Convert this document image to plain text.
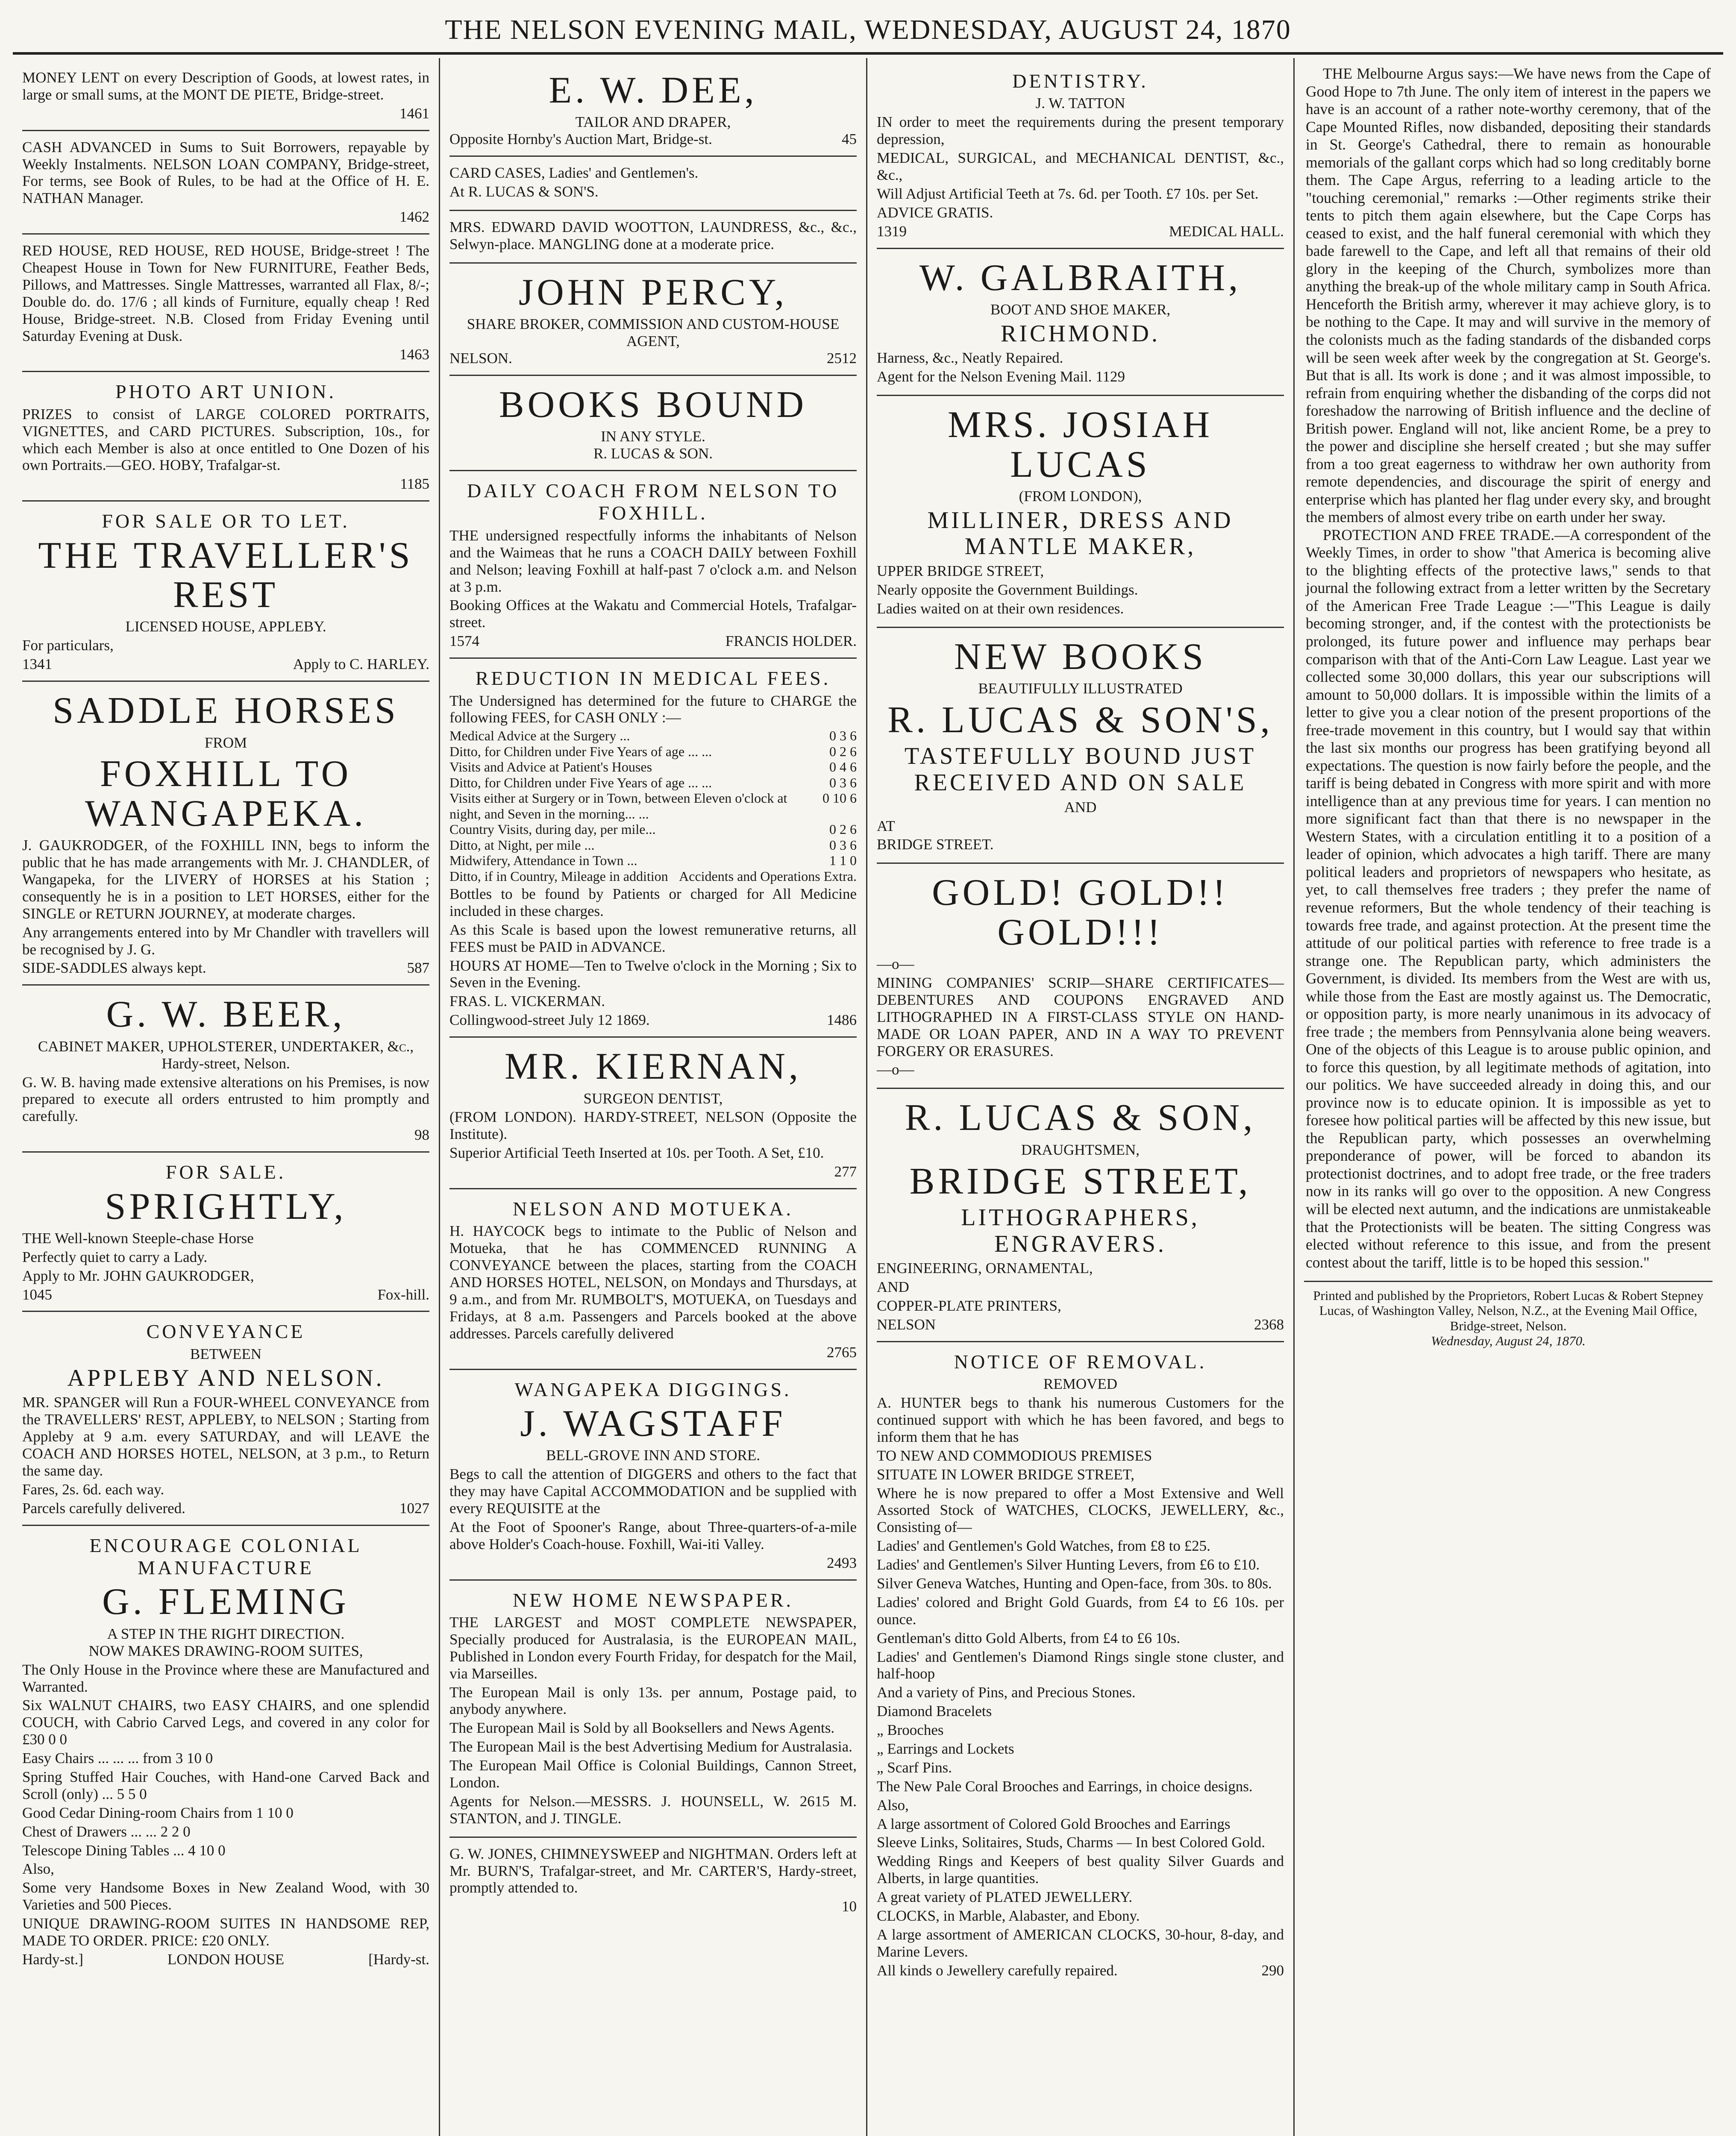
THE NELSON EVENING MAIL, WEDNESDAY, AUGUST 24, 1870
MONEY LENT on every Description of Goods, at lowest rates, in large or small sums, at the MONT DE PIETE, Bridge-street.
1461
CASH ADVANCED in Sums to Suit Borrowers, repayable by Weekly Instalments. NELSON LOAN COMPANY, Bridge-street, For terms, see Book of Rules, to be had at the Office of H. E. NATHAN Manager.
1462
RED HOUSE, RED HOUSE, RED HOUSE, Bridge-street ! The Cheapest House in Town for New FURNITURE, Feather Beds, Pillows, and Mattresses. Single Mattresses, warranted all Flax, 8/-; Double do. do. 17/6 ; all kinds of Furniture, equally cheap ! Red House, Bridge-street. N.B. Closed from Friday Evening until Saturday Evening at Dusk.
1463
PHOTO ART UNION.
PRIZES to consist of LARGE COLORED PORTRAITS, VIGNETTES, and CARD PICTURES. Subscription, 10s., for which each Member is also at once entitled to One Dozen of his own Portraits.—GEO. HOBY, Trafalgar-st.
1185
FOR SALE OR TO LET.
THE TRAVELLER'S REST
LICENSED HOUSE, APPLEBY.
For particulars,
1341	Apply to C. HARLEY.
SADDLE HORSES
FROM
FOXHILL TO WANGAPEKA.
J. GAUKRODGER, of the FOXHILL INN, begs to inform the public that he has made arrangements with Mr. J. CHANDLER, of Wangapeka, for the LIVERY of HORSES at his Station ; consequently he is in a position to LET HORSES, either for the SINGLE or RETURN JOURNEY, at moderate charges.
Any arrangements entered into by Mr Chandler with travellers will be recognised by J. G.
SIDE-SADDLES always kept.	587
G. W. BEER,
CABINET MAKER, UPHOLSTERER, UNDERTAKER, &c.,
Hardy-street, Nelson.
G. W. B. having made extensive alterations on his Premises, is now prepared to execute all orders entrusted to him promptly and carefully.
98
FOR SALE.
SPRIGHTLY,
THE Well-known Steeple-chase Horse
Perfectly quiet to carry a Lady.
Apply to Mr. JOHN GAUKRODGER,
1045	Fox-hill.
CONVEYANCE
BETWEEN
APPLEBY AND NELSON.
MR. SPANGER will Run a FOUR-WHEEL CONVEYANCE from the TRAVELLERS' REST, APPLEBY, to NELSON ; Starting from Appleby at 9 a.m. every SATURDAY, and will LEAVE the COACH AND HORSES HOTEL, NELSON, at 3 p.m., to Return the same day.
Fares, 2s. 6d. each way.
Parcels carefully delivered.	1027
ENCOURAGE COLONIAL MANUFACTURE
G. FLEMING
A STEP IN THE RIGHT DIRECTION.
NOW MAKES DRAWING-ROOM SUITES,
The Only House in the Province where these are Manufactured and Warranted.
Six WALNUT CHAIRS, two EASY CHAIRS, and one splendid COUCH, with Cabrio Carved Legs, and covered in any color for £30 0 0
Easy Chairs ... ... ... from 3 10 0
Spring Stuffed Hair Couches, with Hand-one Carved Back and Scroll (only) ... 5 5 0
Good Cedar Dining-room Chairs from 1 10 0
Chest of Drawers ... ... 2 2 0
Telescope Dining Tables ... 4 10 0
Also,
Some very Handsome Boxes in New Zealand Wood, with 30 Varieties and 500 Pieces.
UNIQUE DRAWING-ROOM SUITES IN HANDSOME REP, MADE TO ORDER. PRICE: £20 ONLY.
Hardy-st.]	LONDON HOUSE	[Hardy-st.
E. W. DEE,
TAILOR AND DRAPER,
Opposite Hornby's Auction Mart, Bridge-st.	45
CARD CASES, Ladies' and Gentlemen's.
At R. LUCAS & SON'S.
MRS. EDWARD DAVID WOOTTON, LAUNDRESS, &c., &c., Selwyn-place. MANGLING done at a moderate price.
JOHN PERCY,
SHARE BROKER, COMMISSION AND CUSTOM-HOUSE AGENT,
NELSON.	2512
BOOKS BOUND
IN ANY STYLE.
R. LUCAS & SON.
DAILY COACH FROM NELSON TO FOXHILL.
THE undersigned respectfully informs the inhabitants of Nelson and the Waimeas that he runs a COACH DAILY between Foxhill and Nelson; leaving Foxhill at half-past 7 o'clock a.m. and Nelson at 3 p.m.
Booking Offices at the Wakatu and Commercial Hotels, Trafalgar-street.
1574	FRANCIS HOLDER.
REDUCTION IN MEDICAL FEES.
The Undersigned has determined for the future to CHARGE the following FEES, for CASH ONLY :—
Medical Advice at the Surgery ...	0 3 6
Ditto, for Children under Five Years of age ... ...	0 2 6
Visits and Advice at Patient's Houses	0 4 6
Ditto, for Children under Five Years of age ... ...	0 3 6
Visits either at Surgery or in Town, between Eleven o'clock at night, and Seven in the morning... ...
0 10 6
Country Visits, during day, per mile...	0 2 6
Ditto, at Night, per mile ...	0 3 6
Midwifery, Attendance in Town ...	1 1 0
Ditto, if in Country, Mileage in addition Accidents and Operations Extra.
Bottles to be found by Patients or charged for All Medicine included in these charges.
As this Scale is based upon the lowest remunerative returns, all FEES must be PAID in ADVANCE.
HOURS AT HOME—Ten to Twelve o'clock in the Morning ; Six to Seven in the Evening.
FRAS. L. VICKERMAN.
Collingwood-street July 12 1869.	1486
MR. KIERNAN,
SURGEON DENTIST,
(FROM LONDON). HARDY-STREET, NELSON (Opposite the Institute).
Superior Artificial Teeth Inserted at 10s. per Tooth. A Set, £10.
277
NELSON AND MOTUEKA.
H. HAYCOCK begs to intimate to the Public of Nelson and Motueka, that he has COMMENCED RUNNING A CONVEYANCE between the places, starting from the COACH AND HORSES HOTEL, NELSON, on Mondays and Thursdays, at 9 a.m., and from Mr. RUMBOLT'S, MOTUEKA, on Tuesdays and Fridays, at 8 a.m. Passengers and Parcels booked at the above addresses. Parcels carefully delivered
2765
WANGAPEKA DIGGINGS.
J. WAGSTAFF
BELL-GROVE INN AND STORE.
Begs to call the attention of DIGGERS and others to the fact that they may have Capital ACCOMMODATION and be supplied with every REQUISITE at the
At the Foot of Spooner's Range, about Three-quarters-of-a-mile above Holder's Coach-house. Foxhill, Wai-iti Valley.
2493
NEW HOME NEWSPAPER.
THE LARGEST and MOST COMPLETE NEWSPAPER, Specially produced for Australasia, is the EUROPEAN MAIL, Published in London every Fourth Friday, for despatch for the Mail, via Marseilles.
The European Mail is only 13s. per annum, Postage paid, to anybody anywhere.
The European Mail is Sold by all Booksellers and News Agents.
The European Mail is the best Advertising Medium for Australasia.
The European Mail Office is Colonial Buildings, Cannon Street, London.
Agents for Nelson.—MESSRS. J. HOUNSELL, W. 2615 M. STANTON, and J. TINGLE.
G. W. JONES, CHIMNEYSWEEP and NIGHTMAN. Orders left at Mr. BURN'S, Trafalgar-street, and Mr. CARTER'S, Hardy-street, promptly attended to.
10
DENTISTRY.
J. W. TATTON
IN order to meet the requirements during the present temporary depression,
MEDICAL, SURGICAL, and MECHANICAL DENTIST, &c., &c.,
Will Adjust Artificial Teeth at 7s. 6d. per Tooth. £7 10s. per Set.
ADVICE GRATIS.
1319	MEDICAL HALL.
W. GALBRAITH,
BOOT AND SHOE MAKER,
RICHMOND.
Harness, &c., Neatly Repaired.
Agent for the Nelson Evening Mail. 1129
MRS. JOSIAH LUCAS
(FROM LONDON),
MILLINER, DRESS AND MANTLE MAKER,
UPPER BRIDGE STREET,
Nearly opposite the Government Buildings.
Ladies waited on at their own residences.
NEW BOOKS
BEAUTIFULLY ILLUSTRATED
R. LUCAS & SON'S,
TASTEFULLY BOUND JUST RECEIVED AND ON SALE
AND
AT
BRIDGE STREET.
GOLD! GOLD!! GOLD!!!
—o—
MINING COMPANIES' SCRIP—SHARE CERTIFICATES—DEBENTURES AND COUPONS ENGRAVED AND LITHOGRAPHED IN A FIRST-CLASS STYLE ON HAND-MADE OR LOAN PAPER, AND IN A WAY TO PREVENT FORGERY OR ERASURES.
—o—
R. LUCAS & SON,
DRAUGHTSMEN,
BRIDGE STREET,
LITHOGRAPHERS, ENGRAVERS.
ENGINEERING, ORNAMENTAL,
AND
COPPER-PLATE PRINTERS,
NELSON	2368
NOTICE OF REMOVAL.
REMOVED
A. HUNTER begs to thank his numerous Customers for the continued support with which he has been favored, and begs to inform them that he has
TO NEW AND COMMODIOUS PREMISES
SITUATE IN LOWER BRIDGE STREET,
Where he is now prepared to offer a Most Extensive and Well Assorted Stock of WATCHES, CLOCKS, JEWELLERY, &c., Consisting of—
Ladies' and Gentlemen's Gold Watches, from £8 to £25.
Ladies' and Gentlemen's Silver Hunting Levers, from £6 to £10.
Silver Geneva Watches, Hunting and Open-face, from 30s. to 80s.
Ladies' colored and Bright Gold Guards, from £4 to £6 10s. per ounce.
Gentleman's ditto Gold Alberts, from £4 to £6 10s.
Ladies' and Gentlemen's Diamond Rings single stone cluster, and half-hoop
And a variety of Pins, and Precious Stones.
Diamond Bracelets
„ Brooches
„ Earrings and Lockets
„ Scarf Pins.
The New Pale Coral Brooches and Earrings, in choice designs.
Also,
A large assortment of Colored Gold Brooches and Earrings
Sleeve Links, Solitaires, Studs, Charms — In best Colored Gold.
Wedding Rings and Keepers of best quality Silver Guards and Alberts, in large quantities.
A great variety of PLATED JEWELLERY.
CLOCKS, in Marble, Alabaster, and Ebony.
A large assortment of AMERICAN CLOCKS, 30-hour, 8-day, and Marine Levers.
All kinds o Jewellery carefully repaired.	290

THE Melbourne Argus says:—We have news from the Cape of Good Hope to 7th June. The only item of interest in the papers we have is an account of a rather note-worthy ceremony, that of the Cape Mounted Rifles, now disbanded, depositing their standards in St. George's Cathedral, there to remain as honourable memorials of the gallant corps which had so long creditably borne them. The Cape Argus, referring to a leading article to the "touching ceremonial," remarks :—Other regiments strike their tents to pitch them again elsewhere, but the Cape Corps has ceased to exist, and the half funeral ceremonial with which they bade farewell to the Cape, and left all that remains of their old glory in the keeping of the Church, symbolizes more than anything the break-up of the whole military camp in South Africa. Henceforth the British army, wherever it may achieve glory, is to be nothing to the Cape. It may and will survive in the memory of the colonists much as the fading standards of the disbanded corps will be seen week after week by the congregation at St. George's. But that is all. Its work is done ; and it was almost impossible, to refrain from enquiring whether the disbanding of the corps did not foreshadow the narrowing of British influence and the decline of British power. England will not, like ancient Rome, be a prey to the power and discipline she herself created ; but she may suffer from a too great eagerness to withdraw her own authority from remote dependencies, and discourage the spirit of energy and enterprise which has planted her flag under every sky, and brought the members of almost every tribe on earth under her sway.

PROTECTION AND FREE TRADE.—A correspondent of the Weekly Times, in order to show "that America is becoming alive to the blighting effects of the protective laws," sends to that journal the following extract from a letter written by the Secretary of the American Free Trade League :—"This League is daily becoming stronger, and, if the contest with the protectionists be prolonged, its future power and influence may perhaps bear comparison with that of the Anti-Corn Law League. Last year we collected some 30,000 dollars, this year our subscriptions will amount to 50,000 dollars. It is impossible within the limits of a letter to give you a clear notion of the present proportions of the free-trade movement in this country, but I would say that within the last six months our progress has been gratifying beyond all expectations. The question is now fairly before the people, and the tariff is being debated in Congress with more spirit and with more intelligence than at any previous time for years. I can mention no more significant fact than that there is no newspaper in the Western States, with a circulation entitling it to a position of a leader of opinion, which advocates a high tariff. There are many political leaders and proprietors of newspapers who hesitate, as yet, to call themselves free traders ; they prefer the name of revenue reformers, But the whole tendency of their teaching is towards free trade, and against protection. At the present time the attitude of our political parties with reference to free trade is a strange one. The Republican party, which administers the Government, is divided. Its members from the West are with us, while those from the East are mostly against us. The Democratic, or opposition party, is more nearly unanimous in its advocacy of free trade ; the members from Pennsylvania alone being weavers. One of the objects of this League is to arouse public opinion, and to force this question, by all legitimate methods of agitation, into our politics. We have succeeded already in doing this, and our province now is to educate opinion. It is impossible as yet to foresee how political parties will be affected by this new issue, but the Republican party, which possesses an overwhelming preponderance of power, will be forced to abandon its protectionist doctrines, and to adopt free trade, or the free traders now in its ranks will go over to the opposition. A new Congress will be elected next autumn, and the indications are unmistakeable that the Protectionists will be beaten. The sitting Congress was elected without reference to this issue, and from the present contest about the tariff, little is to be hoped this session."

Printed and published by the Proprietors, Robert Lucas & Robert Stepney Lucas, of Washington Valley, Nelson, N.Z., at the Evening Mail Office, Bridge-street, Nelson.
Wednesday, August 24, 1870.
